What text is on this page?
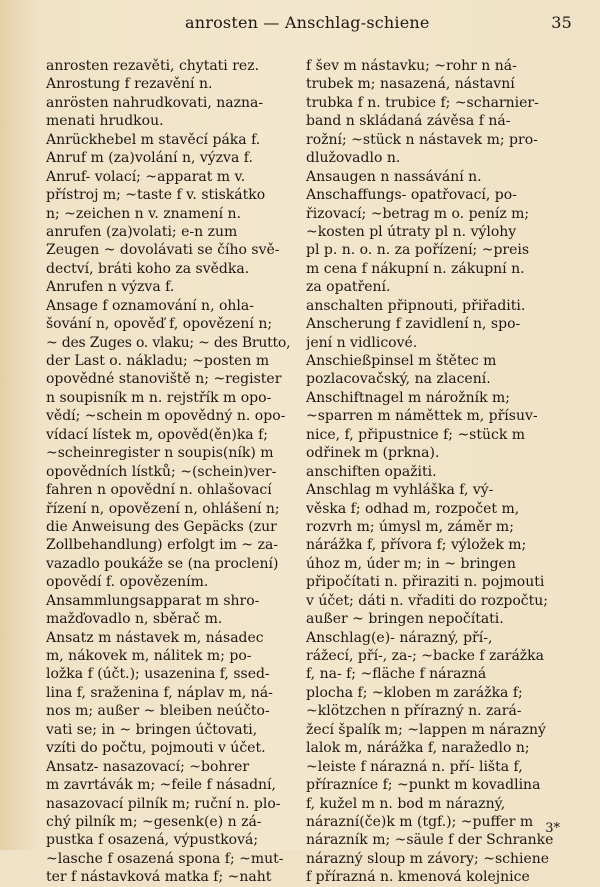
anrosten — Anschlag-schiene	35
anrosten rezavěti, chytati rez.
Anrostung f rezavění n.
anrösten nahrudkovati, nazna-
menati hrudkou.
Anrückhebel m stavěcí páka f.
Anruf m (za)volání n, výzva f.
Anruf- volací; ~apparat m v.
přístroj m; ~taste f v. stiskátko
n; ~zeichen n v. znamení n.
anrufen (za)volati; e-n zum
Zeugen ~ dovolávati se čího svě-
dectví, bráti koho za svědka.
Anrufen n výzva f.
Ansage f oznamování n, ohla-
šování n, opověď f, opovězení n;
~ des Zuges o. vlaku; ~ des Brutto,
der Last o. nákladu; ~posten m
opovědné stanoviště n; ~register
n soupisník m n. rejstřík m opo-
vědí; ~schein m opovědný n. opo-
vídací lístek m, opověd(ěn)ka f;
~scheinregister n soupis(ník) m
opovědních lístků; ~(schein)ver-
fahren n opovědní n. ohlašovací
řízení n, opovězení n, ohlášení n;
die Anweisung des Gepäcks (zur
Zollbehandlung) erfolgt im ~ za-
vazadlo poukáže se (na proclení)
opovědí f. opovězením.
Ansammlungsapparat m shro-
mažďovadlo n, sběrač m.
Ansatz m nástavek m, násadec
m, nákovek m, nálitek m; po-
ložka f (účt.); usazenina f, ssed-
lina f, sraženina f, náplav m, ná-
nos m; außer ~ bleiben neúčto-
vati se; in ~ bringen účtovati,
vzíti do počtu, pojmouti v účet.
Ansatz- nasazovací; ~bohrer
m zavrtávák m; ~feile f násadní,
nasazovací pilník m; ruční n. plo-
chý pilník m; ~gesenk(e) n zá-
pustka f osazená, výpustková;
~lasche f osazená spona f; ~mut-
ter f nástavková matka f; ~naht
f šev m nástavku; ~rohr n ná-
trubek m; nasazená, nástavní
trubka f n. trubice f; ~scharnier-
band n skládaná závěsa f ná-
rožní; ~stück n nástavek m; pro-
dlužovadlo n.
Ansaugen n nassávání n.
Anschaffungs- opatřovací, po-
řizovací; ~betrag m o. peníz m;
~kosten pl útraty pl n. výlohy
pl p. n. o. n. za pořízení; ~preis
m cena f nákupní n. zákupní n.
za opatření.
anschalten připnouti, přiřaditi.
Anscherung f zavidlení n, spo-
jení n vidlicové.
Anschießpinsel m štětec m
pozlacovačský, na zlacení.
Anschiftnagel m nárožník m;
~sparren m náměttek m, přísuv-
nice, f, připustnice f; ~stück m
odřinek m (prkna).
anschiften opažiti.
Anschlag m vyhláška f, vý-
věska f; odhad m, rozpočet m,
rozvrh m; úmysl m, záměr m;
nárážka f, přívora f; výložek m;
úhoz m, úder m; in ~ bringen
připočítati n. přiraziti n. pojmouti
v účet; dáti n. vřaditi do rozpočtu;
außer ~ bringen nepočítati.
Anschlag(e)- nárazný, pří-,
rážecí, pří-, za-; ~backe f zarážka
f, na- f; ~fläche f nárazná
plocha f; ~kloben m zarážka f;
~klötzchen n přírazný n. zará-
žecí špalík m; ~lappen m nárazný
lalok m, nárážka f, naražedlo n;
~leiste f nárazná n. pří- lišta f,
přírazníce f; ~punkt m kovadlina
f, kužel m n. bod m nárazný,
nárazní(če)k m (tgf.); ~puffer m
nárazník m; ~säule f der Schranke
nárazný sloup m závory; ~schiene
f přírazná n. kmenová kolejnice
3*
